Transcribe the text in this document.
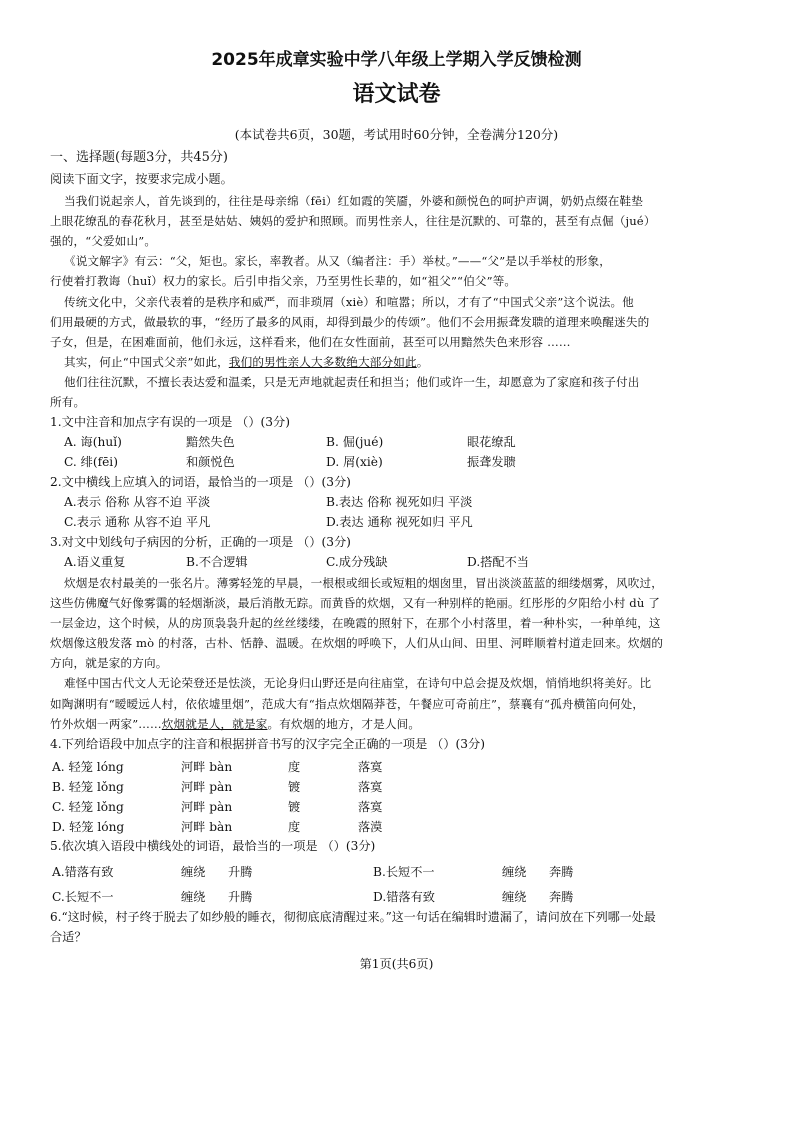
2025年成章实验中学八年级上学期入学反馈检测
语文试卷
(本试卷共6页，30题，考试用时60分钟，全卷满分120分)
一、选择题(每题3分，共45分)
阅读下面文字，按要求完成小题。
当我们说起亲人，首先谈到的，往往是母亲绵（fēi）红如霞的笑靥，外婆和颜悦色的呵护声调，奶奶点缀在鞋垫
上眼花缭乱的春花秋月，甚至是姑姑、姨妈的爱护和照顾。而男性亲人，往往是沉默的、可靠的，甚至有点倔（jué）
强的，“父爱如山”。
《说文解字》有云：“父，矩也。家长，率教者。从又（编者注：手）举杖。”——“父”是以手举杖的形象，
行使着打教诲（huǐ）权力的家长。后引申指父亲，乃至男性长辈的，如“祖父”“伯父”等。
传统文化中，父亲代表着的是秩序和威严，而非琐屑（xiè）和喧嚣；所以，才有了“中国式父亲”这个说法。他
们用最硬的方式，做最软的事，“经历了最多的风雨，却得到最少的传颂”。他们不会用振聋发聩的道理来唤醒迷失的
子女，但是，在困难面前，他们永远，这样看来，他们在女性面前，甚至可以用黯然失色来形容 ……
其实，何止“中国式父亲”如此，我们的男性亲人大多数绝大部分如此。
他们往往沉默，不擅长表达爱和温柔，只是无声地就起责任和担当；他们或许一生，却愿意为了家庭和孩子付出
所有。
1.文中注音和加点字有误的一项是 （）(3分)
A. 诲(huǐ)	黯然失色	B. 倔(jué)	眼花缭乱
C. 绯(fēi)	和颜悦色	D. 屑(xiè)	振聋发聩
2.文中横线上应填入的词语，最恰当的一项是 （）(3分)
A.表示 俗称 从容不迫 平淡	B.表达 俗称 视死如归 平淡
C.表示 通称 从容不迫 平凡	D.表达 通称 视死如归 平凡
3.对文中划线句子病因的分析，正确的一项是 （）(3分)
A.语义重复	B.不合逻辑	C.成分残缺	D.搭配不当
炊烟是农村最美的一张名片。薄雾轻笼的早晨，一根根或细长或短粗的烟囱里，冒出淡淡蓝蓝的细缕烟雾，风吹过，
这些仿佛魔气好像雾霭的轻烟渐淡，最后消散无踪。而黄昏的炊烟，又有一种别样的艳丽。红彤彤的夕阳给小村 dù 了
一层金边，这个时候，从的房顶袅袅升起的丝丝缕缕，在晚霞的照射下，在那个小村落里，着一种朴实，一种单纯，这
炊烟像这般发落 mò 的村落，古朴、恬静、温暖。在炊烟的呼唤下，人们从山间、田里、河畔顺着村道走回来。炊烟的
方向，就是家的方向。
难怪中国古代文人无论荣登还是怯淡，无论身归山野还是向往庙堂，在诗句中总会提及炊烟，悄悄地织将美好。比
如陶渊明有“暧暧远人村，依依墟里烟”，范成大有“指点炊烟隔莽苍，午餐应可奇前庄”，蔡襄有“孤舟横笛向何处，
竹外炊烟一两家”……炊烟就是人，就是家。有炊烟的地方，才是人间。
4.下列给语段中加点字的注音和根据拼音书写的汉字完全正确的一项是 （）(3分)
A. 轻笼 lóng	河畔 bàn	度	落寞
B. 轻笼 lǒng	河畔 pàn	镀	落寞
C. 轻笼 lǒng	河畔 pàn	镀	落寞
D. 轻笼 lóng	河畔 bàn	度	落漠
5.依次填入语段中横线处的词语，最恰当的一项是 （）(3分)
A.错落有致	缠绕 升腾	B.长短不一	缠绕 奔腾
C.长短不一	缠绕 升腾	D.错落有致	缠绕 奔腾
6.“这时候，村子终于脱去了如纱般的睡衣，彻彻底底清醒过来。”这一句话在编辑时遗漏了，请问放在下列哪一处最
合适？
第1页(共6页)
